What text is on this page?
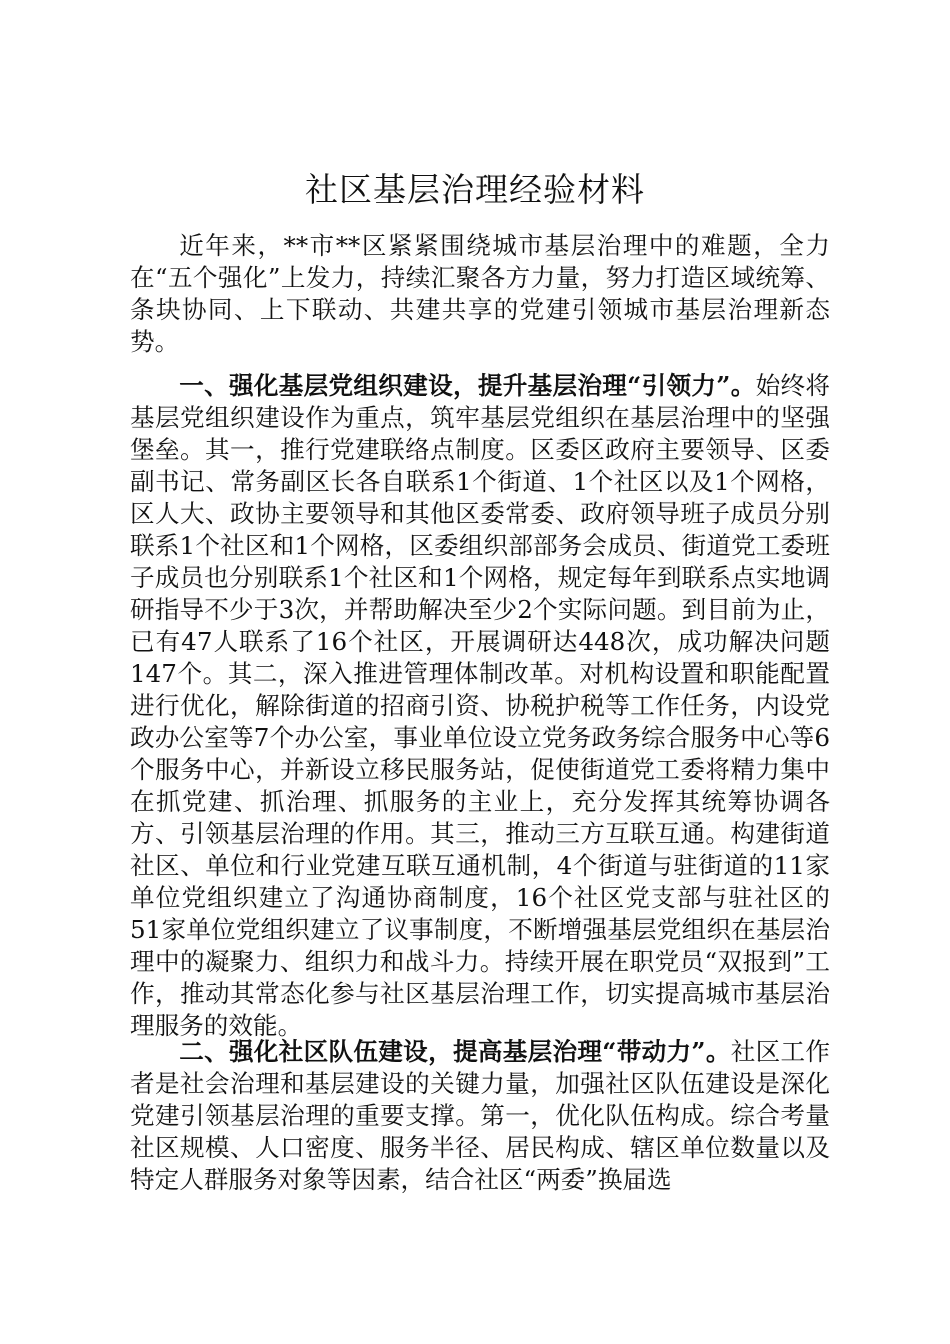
社区基层治理经验材料

近年来，**市**区紧紧围绕城市基层治理中的难题，全力在“五个强化”上发力，持续汇聚各方力量，努力打造区域统筹、条块协同、上下联动、共建共享的党建引领城市基层治理新态势。

一、强化基层党组织建设，提升基层治理“引领力”。始终将基层党组织建设作为重点，筑牢基层党组织在基层治理中的坚强堡垒。其一，推行党建联络点制度。区委区政府主要领导、区委副书记、常务副区长各自联系1个街道、1个社区以及1个网格，区人大、政协主要领导和其他区委常委、政府领导班子成员分别联系1个社区和1个网格，区委组织部部务会成员、街道党工委班子成员也分别联系1个社区和1个网格，规定每年到联系点实地调研指导不少于3次，并帮助解决至少2个实际问题。到目前为止，已有47人联系了16个社区，开展调研达448次，成功解决问题147个。其二，深入推进管理体制改革。对机构设置和职能配置进行优化，解除街道的招商引资、协税护税等工作任务，内设党政办公室等7个办公室，事业单位设立党务政务综合服务中心等6个服务中心，并新设立移民服务站，促使街道党工委将精力集中在抓党建、抓治理、抓服务的主业上，充分发挥其统筹协调各方、引领基层治理的作用。其三，推动三方互联互通。构建街道社区、单位和行业党建互联互通机制，4个街道与驻街道的11家单位党组织建立了沟通协商制度，16个社区党支部与驻社区的51家单位党组织建立了议事制度，不断增强基层党组织在基层治理中的凝聚力、组织力和战斗力。持续开展在职党员“双报到”工作，推动其常态化参与社区基层治理工作，切实提高城市基层治理服务的效能。

二、强化社区队伍建设，提高基层治理“带动力”。社区工作者是社会治理和基层建设的关键力量，加强社区队伍建设是深化党建引领基层治理的重要支撑。第一，优化队伍构成。综合考量社区规模、人口密度、服务半径、居民构成、辖区单位数量以及特定人群服务对象等因素，结合社区“两委”换届选
